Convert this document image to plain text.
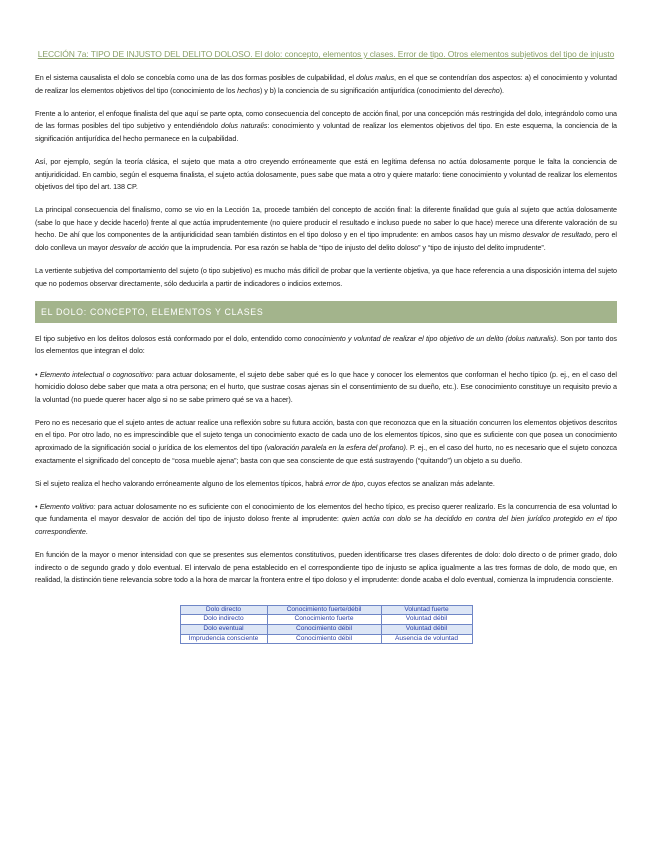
LECCIÓN 7a: TIPO DE INJUSTO DEL DELITO DOLOSO. El dolo: concepto, elementos y clases. Error de tipo. Otros elementos subjetivos del tipo de injusto

En el sistema causalista el dolo se concebía como una de las dos formas posibles de culpabilidad, el dolus malus, en el que se contendrían dos aspectos: a) el conocimiento y voluntad de realizar los elementos objetivos del tipo (conocimiento de los hechos) y b) la conciencia de su significación antijurídica (conocimiento del derecho).

Frente a lo anterior, el enfoque finalista del que aquí se parte opta, como consecuencia del concepto de acción final, por una concepción más restringida del dolo, integrándolo como una de las formas posibles del tipo subjetivo y entendiéndolo dolus naturalis: conocimiento y voluntad de realizar los elementos objetivos del tipo. En este esquema, la conciencia de la significación antijurídica del hecho permanece en la culpabilidad.

Así, por ejemplo, según la teoría clásica, el sujeto que mata a otro creyendo erróneamente que está en legítima defensa no actúa dolosamente porque le falta la conciencia de antijuridicidad. En cambio, según el esquema finalista, el sujeto actúa dolosamente, pues sabe que mata a otro y quiere matarlo: tiene conocimiento y voluntad de realizar los elementos objetivos del tipo del art. 138 CP.

La principal consecuencia del finalismo, como se vio en la Lección 1a, procede también del concepto de acción final: la diferente finalidad que guía al sujeto que actúa dolosamente (sabe lo que hace y decide hacerlo) frente al que actúa imprudentemente (no quiere producir el resultado e incluso puede no saber lo que hace) merece una diferente valoración de su hecho. De ahí que los componentes de la antijuridicidad sean también distintos en el tipo doloso y en el tipo imprudente: en ambos casos hay un mismo desvalor de resultado, pero el dolo conlleva un mayor desvalor de acción que la imprudencia. Por esa razón se habla de “tipo de injusto del delito doloso” y “tipo de injusto del delito imprudente”.

La vertiente subjetiva del comportamiento del sujeto (o tipo subjetivo) es mucho más difícil de probar que la vertiente objetiva, ya que hace referencia a una disposición interna del sujeto que no podemos observar directamente, sólo deducirla a partir de indicadores o indicios externos.

EL DOLO: CONCEPTO, ELEMENTOS Y CLASES

El tipo subjetivo en los delitos dolosos está conformado por el dolo, entendido como conocimiento y voluntad de realizar el tipo objetivo de un delito (dolus naturalis). Son por tanto dos los elementos que integran el dolo:

• Elemento intelectual o cognoscitivo: para actuar dolosamente, el sujeto debe saber qué es lo que hace y conocer los elementos que conforman el hecho típico (p. ej., en el caso del homicidio doloso debe saber que mata a otra persona; en el hurto, que sustrae cosas ajenas sin el consentimiento de su dueño, etc.). Ese conocimiento constituye un requisito previo a la voluntad (no puede querer hacer algo si no se sabe primero qué se va a hacer).

Pero no es necesario que el sujeto antes de actuar realice una reflexión sobre su futura acción, basta con que reconozca que en la situación concurren los elementos objetivos descritos en el tipo. Por otro lado, no es imprescindible que el sujeto tenga un conocimiento exacto de cada uno de los elementos típicos, sino que es suficiente con que posea un conocimiento aproximado de la significación social o jurídica de los elementos del tipo (valoración paralela en la esfera del profano). P. ej., en el caso del hurto, no es necesario que el sujeto conozca exactamente el significado del concepto de “cosa mueble ajena”; basta con que sea consciente de que está sustrayendo (“quitando”) un objeto a su dueño.

Si el sujeto realiza el hecho valorando erróneamente alguno de los elementos típicos, habrá error de tipo, cuyos efectos se analizan más adelante.

• Elemento volitivo: para actuar dolosamente no es suficiente con el conocimiento de los elementos del hecho típico, es preciso querer realizarlo. Es la concurrencia de esa voluntad lo que fundamenta el mayor desvalor de acción del tipo de injusto doloso frente al imprudente: quien actúa con dolo se ha decidido en contra del bien jurídico protegido en el tipo correspondiente.

En función de la mayor o menor intensidad con que se presentes sus elementos constitutivos, pueden identificarse tres clases diferentes de dolo: dolo directo o de primer grado, dolo indirecto o de segundo grado y dolo eventual. El intervalo de pena establecido en el correspondiente tipo de injusto se aplica igualmente a las tres formas de dolo, de modo que, en realidad, la distinción tiene relevancia sobre todo a la hora de marcar la frontera entre el tipo doloso y el imprudente: donde acaba el dolo eventual, comienza la imprudencia consciente.

Dolo directo	Conocimiento fuerte/débil	Voluntad fuerte
Dolo indirecto	Conocimiento fuerte	Voluntad débil
Dolo eventual	Conocimiento débil	Voluntad débil
Imprudencia consciente	Conocimiento débil	Ausencia de voluntad
